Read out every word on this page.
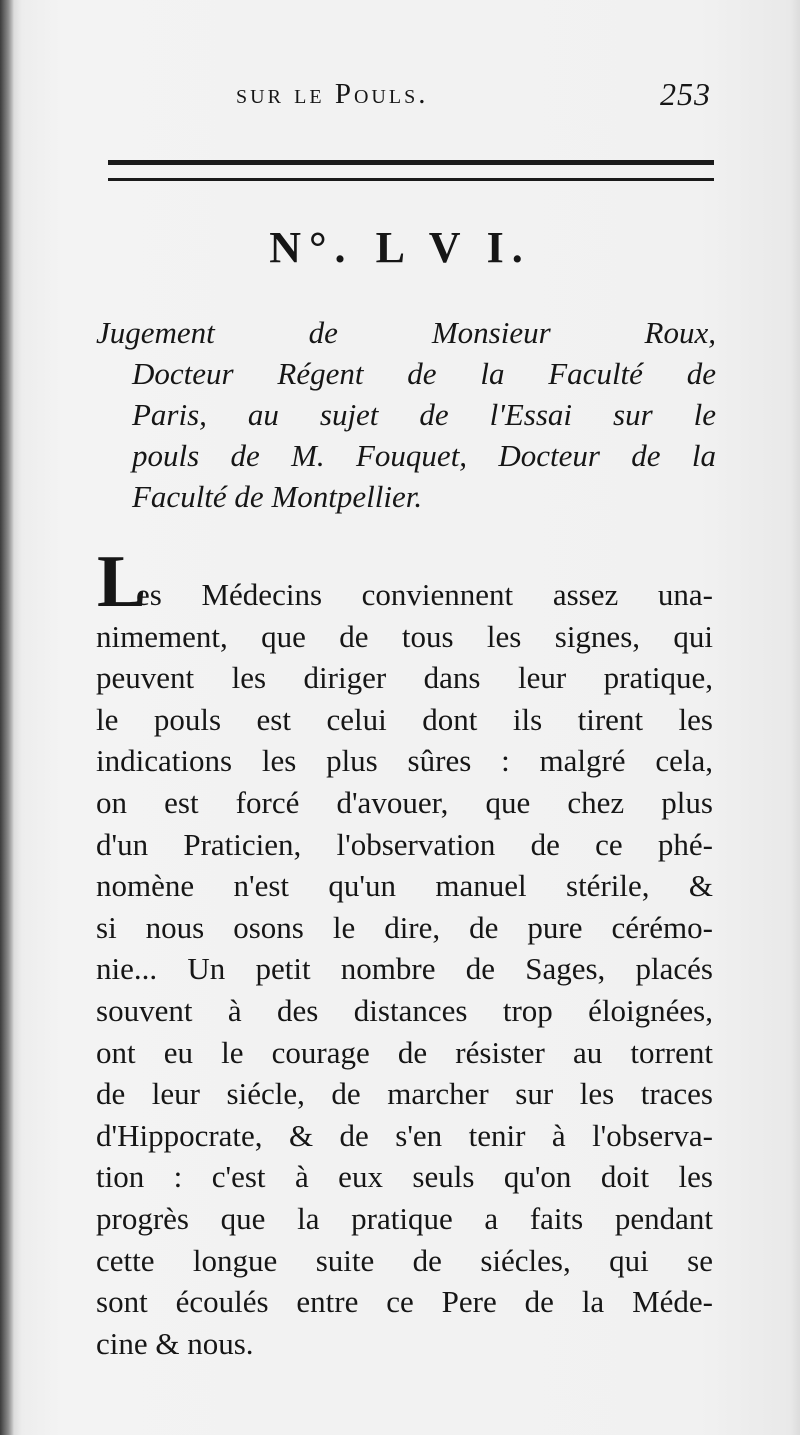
sur le Pouls.	253
N°. L V I.
Jugement de Monsieur Roux,
Docteur Régent de la Faculté de
Paris, au sujet de l'Essai sur le
pouls de M. Fouquet, Docteur de la
Faculté de Montpellier.
L
es Médecins conviennent assez una-
nimement, que de tous les signes, qui
peuvent les diriger dans leur pratique,
le pouls est celui dont ils tirent les
indications les plus sûres : malgré cela,
on est forcé d'avouer, que chez plus
d'un Praticien, l'observation de ce phé-
nomène n'est qu'un manuel stérile, &
si nous osons le dire, de pure cérémo-
nie... Un petit nombre de Sages, placés
souvent à des distances trop éloignées,
ont eu le courage de résister au torrent
de leur siécle, de marcher sur les traces
d'Hippocrate, & de s'en tenir à l'observa-
tion : c'est à eux seuls qu'on doit les
progrès que la pratique a faits pendant
cette longue suite de siécles, qui se
sont écoulés entre ce Pere de la Méde-
cine & nous.
